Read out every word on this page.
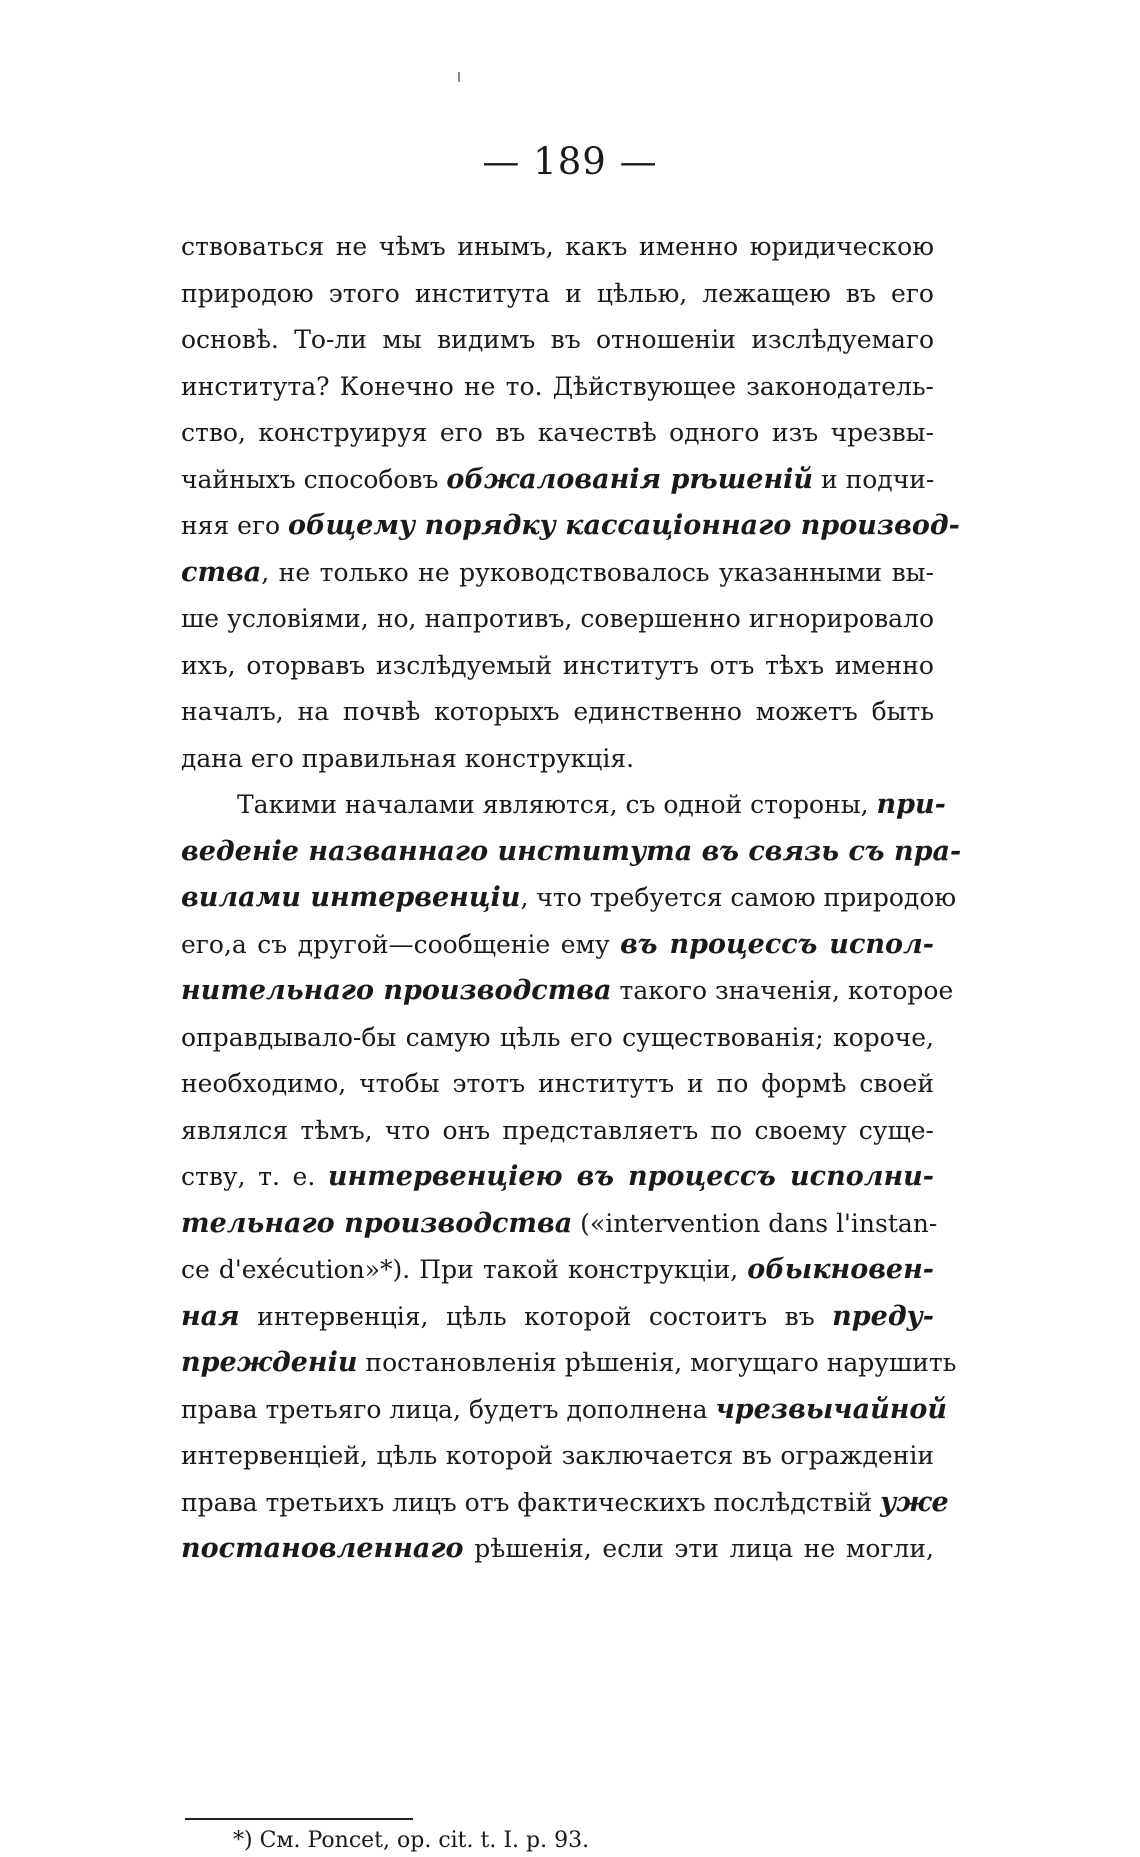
— 189 —
ствоваться не чѣмъ инымъ, какъ именно юридическою
природою этого института и цѣлью, лежащею въ его
основѣ. То-ли мы видимъ въ отношеніи изслѣдуемаго
института? Конечно не то. Дѣйствующее законодатель-
ство, конструируя его въ качествѣ одного изъ чрезвы-
чайныхъ способовъ обжалованія рѣшеній и подчи-
няя его общему порядку кассаціоннаго производ-
ства, не только не руководствовалось указанными вы-
ше условіями, но, напротивъ, совершенно игнорировало
ихъ, оторвавъ изслѣдуемый институтъ отъ тѣхъ именно
началъ, на почвѣ которыхъ единственно можетъ быть
дана его правильная конструкція.
Такими началами являются, съ одной стороны, при-
веденіе названнаго института въ связь съ пра-
вилами интервенціи, что требуется самою природою
его,а съ другой—сообщеніе ему въ процессъ испол-
нительнаго производства такого значенія, которое
оправдывало-бы самую цѣль его существованія; короче,
необходимо, чтобы этотъ институтъ и по формѣ своей
являлся тѣмъ, что онъ представляетъ по своему суще-
ству, т. е. интервенціею въ процессъ исполни-
тельнаго производства («intervention dans l'instan-
ce d'exécution»*). При такой конструкціи, обыкновен-
ная интервенція, цѣль которой состоитъ въ преду-
прежденіи постановленія рѣшенія, могущаго нарушить
права третьяго лица, будетъ дополнена чрезвычайной
интервенціей, цѣль которой заключается въ огражденіи
права третьихъ лицъ отъ фактическихъ послѣдствій уже
постановленнаго рѣшенія, если эти лица не могли,
*) См. Poncet, op. cit. t. I. p. 93.
